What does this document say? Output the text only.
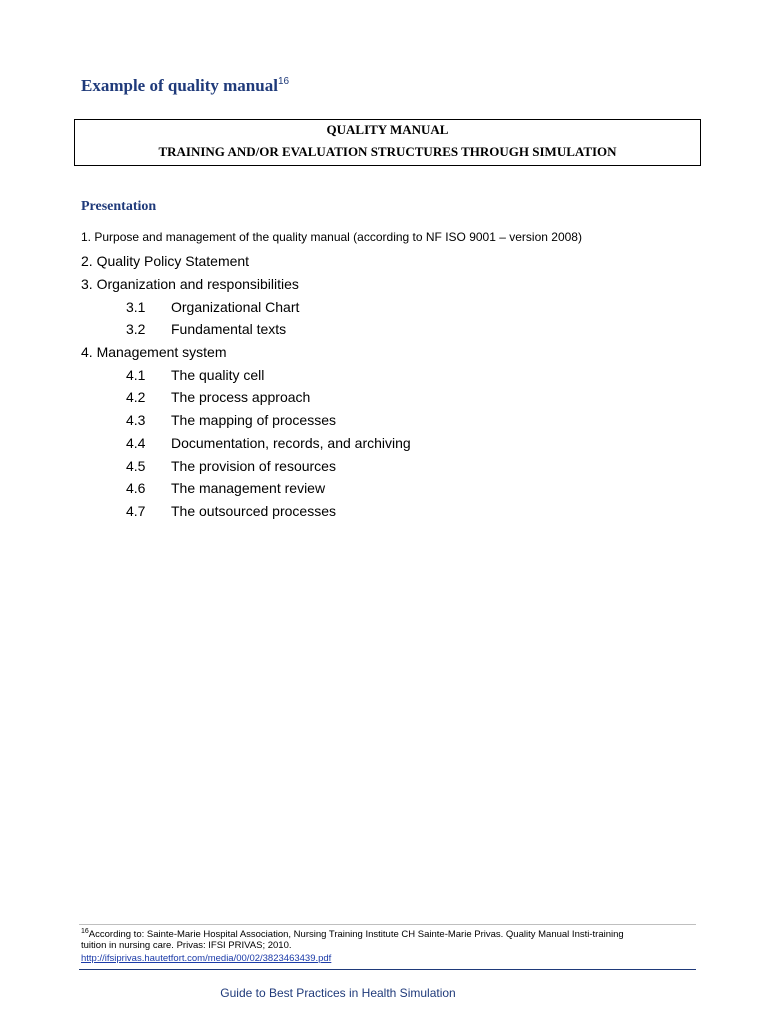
Example of quality manual$^{16}$
QUALITY MANUAL
TRAINING AND/OR EVALUATION STRUCTURES THROUGH SIMULATION
Presentation
1. Purpose and management of the quality manual (according to NF ISO 9001 – version 2008)
2. Quality Policy Statement
3. Organization and responsibilities
3.1 Organizational Chart
3.2 Fundamental texts
4. Management system
4.1 The quality cell
4.2 The process approach
4.3 The mapping of processes
4.4 Documentation, records, and archiving
4.5 The provision of resources
4.6 The management review
4.7 The outsourced processes
$^{16}$According to: Sainte-Marie Hospital Association, Nursing Training Institute CH Sainte-Marie Privas. Quality Manual Insti-training tuition in nursing care. Privas: IFSI PRIVAS; 2010.
http://ifsiprivas.hautetfort.com/media/00/02/3823463439.pdf
Guide to Best Practices in Health Simulation
